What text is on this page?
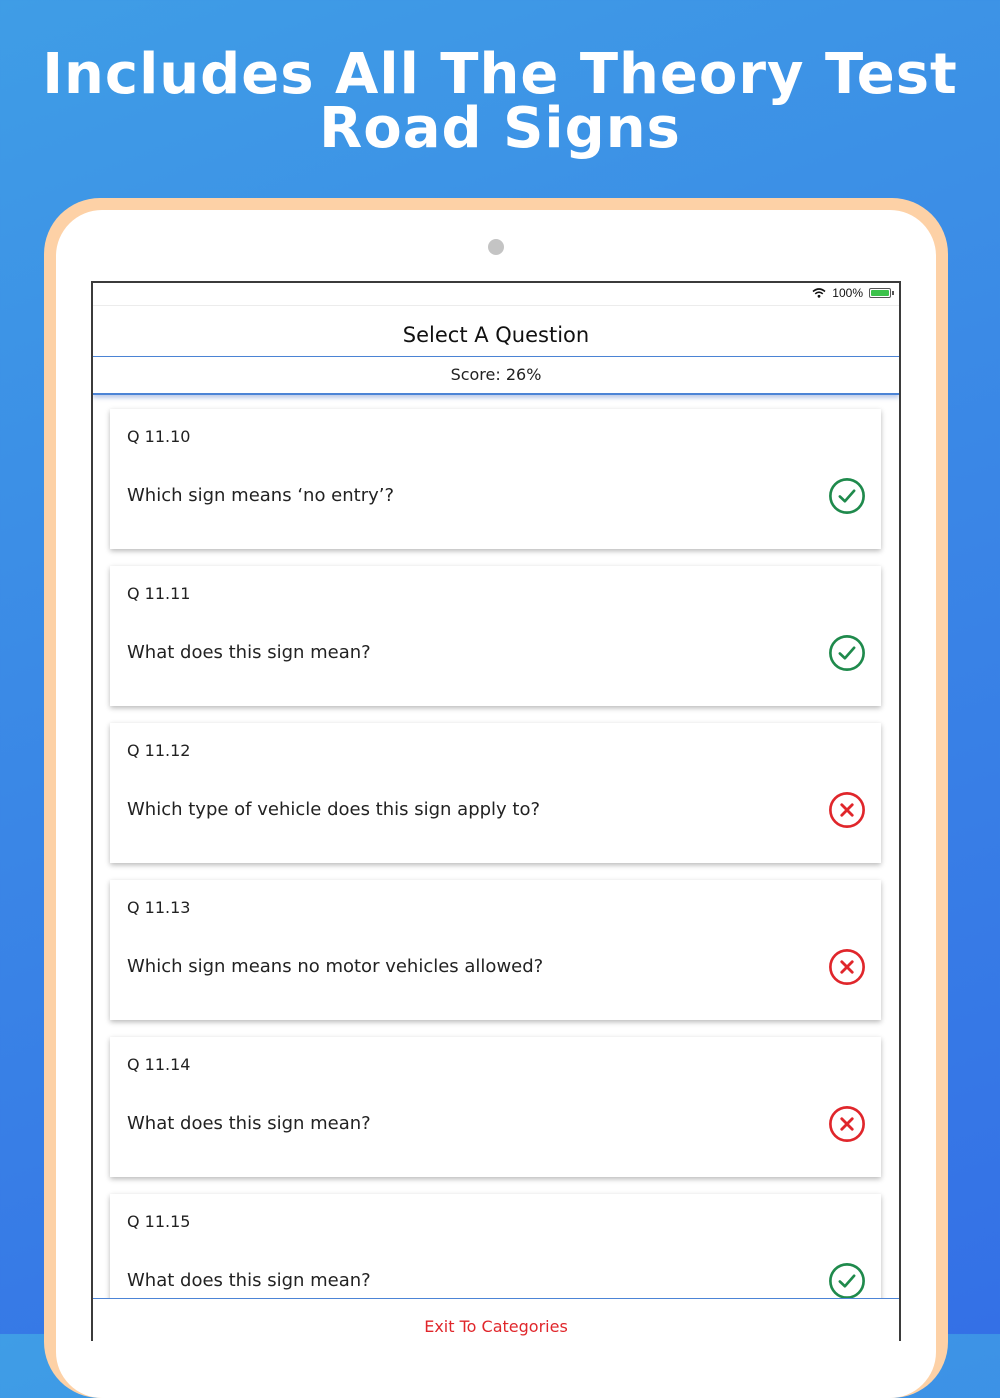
Includes All The Theory Test
Road Signs
100%
Select A Question
Score: 26%
Q 11.10
Which sign means ‘no entry’?
Q 11.11
What does this sign mean?
Q 11.12
Which type of vehicle does this sign apply to?
Q 11.13
Which sign means no motor vehicles allowed?
Q 11.14
What does this sign mean?
Q 11.15
What does this sign mean?
Exit To Categories
